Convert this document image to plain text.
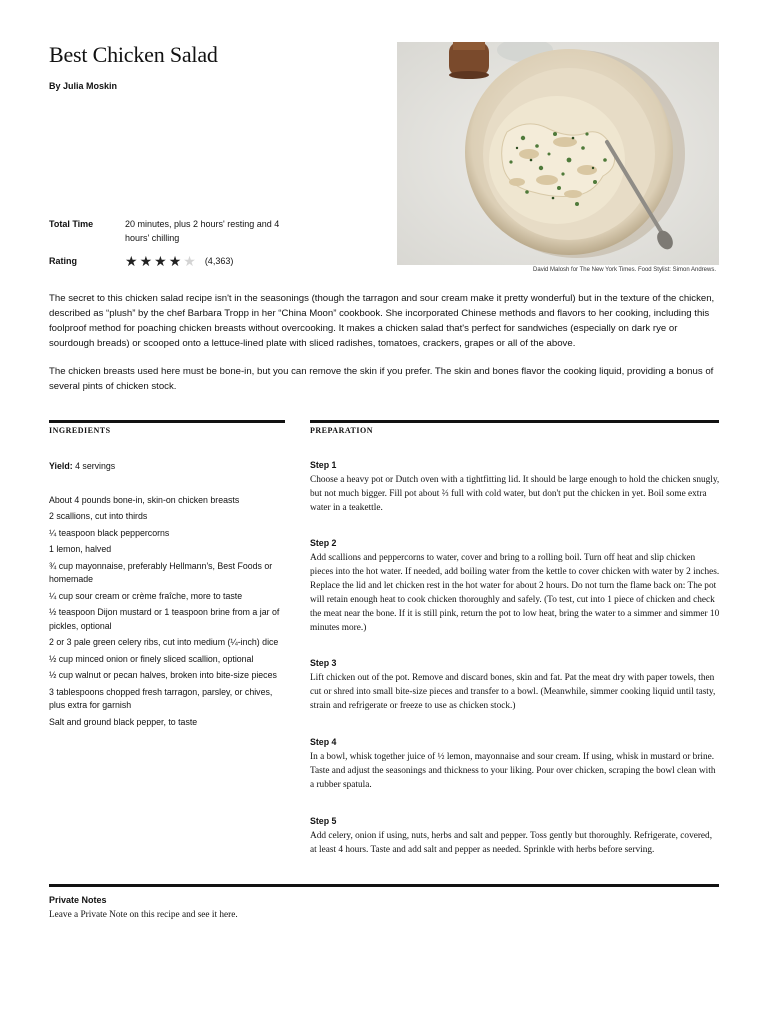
Best Chicken Salad
By Julia Moskin
Total Time	20 minutes, plus 2 hours' resting and 4 hours' chilling
Rating	★ ★ ★ ★ ★ (4,363)
David Malosh for The New York Times. Food Stylist: Simon Andrews.

The secret to this chicken salad recipe isn't in the seasonings (though the tarragon and sour cream make it pretty wonderful) but in the texture of the chicken, described as “plush” by the chef Barbara Tropp in her “China Moon” cookbook. She incorporated Chinese methods and flavors to her cooking, including this foolproof method for poaching chicken breasts without overcooking. It makes a chicken salad that's perfect for sandwiches (especially on dark rye or sourdough breads) or scooped onto a lettuce-lined plate with sliced radishes, tomatoes, crackers, grapes or all of the above.

The chicken breasts used here must be bone-in, but you can remove the skin if you prefer. The skin and bones flavor the cooking liquid, providing a bonus of several pints of chicken stock.

INGREDIENTS	PREPARATION
Yield: 4 servings
About 4 pounds bone-in, skin-on chicken breasts
2 scallions, cut into thirds
¼ teaspoon black peppercorns
1 lemon, halved
¾ cup mayonnaise, preferably Hellmann's, Best Foods or homemade
¼ cup sour cream or crème fraîche, more to taste
½ teaspoon Dijon mustard or 1 teaspoon brine from a jar of pickles, optional
2 or 3 pale green celery ribs, cut into medium (¼-inch) dice
½ cup minced onion or finely sliced scallion, optional
½ cup walnut or pecan halves, broken into bite-size pieces
3 tablespoons chopped fresh tarragon, parsley, or chives, plus extra for garnish
Salt and ground black pepper, to taste
Step 1
Choose a heavy pot or Dutch oven with a tightfitting lid. It should be large enough to hold the chicken snugly, but not much bigger. Fill pot about ⅔ full with cold water, but don't put the chicken in yet. Boil some extra water in a teakettle.
Step 2
Add scallions and peppercorns to water, cover and bring to a rolling boil. Turn off heat and slip chicken pieces into the hot water. If needed, add boiling water from the kettle to cover chicken with water by 2 inches. Replace the lid and let chicken rest in the hot water for about 2 hours. Do not turn the flame back on: The pot will retain enough heat to cook chicken thoroughly and safely. (To test, cut into 1 piece of chicken and check the meat near the bone. If it is still pink, return the pot to low heat, bring the water to a simmer and simmer 10 minutes more.)
Step 3
Lift chicken out of the pot. Remove and discard bones, skin and fat. Pat the meat dry with paper towels, then cut or shred into small bite-size pieces and transfer to a bowl. (Meanwhile, simmer cooking liquid until tasty, strain and refrigerate or freeze to use as chicken stock.)
Step 4
In a bowl, whisk together juice of ½ lemon, mayonnaise and sour cream. If using, whisk in mustard or brine. Taste and adjust the seasonings and thickness to your liking. Pour over chicken, scraping the bowl clean with a rubber spatula.
Step 5
Add celery, onion if using, nuts, herbs and salt and pepper. Toss gently but thoroughly. Refrigerate, covered, at least 4 hours. Taste and add salt and pepper as needed. Sprinkle with herbs before serving.
Private Notes
Leave a Private Note on this recipe and see it here.
